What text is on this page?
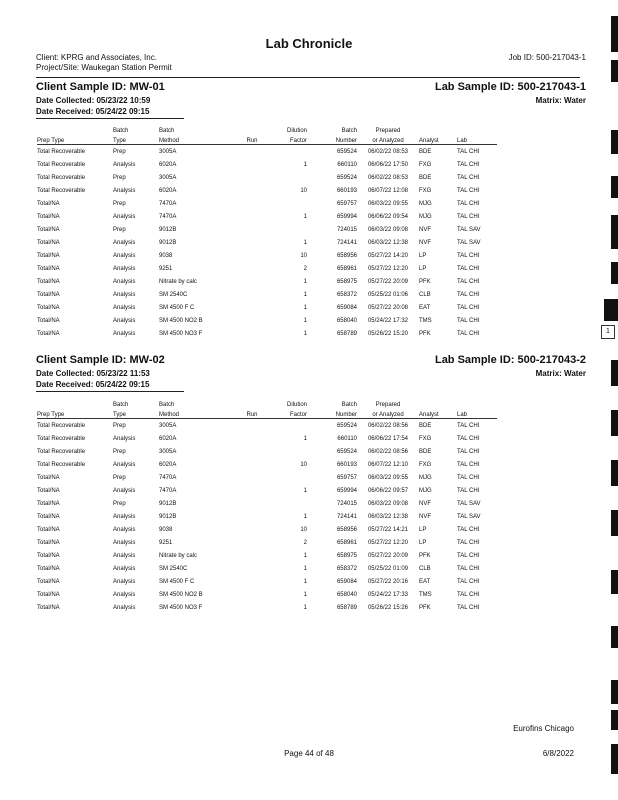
Lab Chronicle
Client: KPRG and Associates, Inc.
Project/Site: Waukegan Station Permit
Job ID: 500-217043-1
Client Sample ID: MW-01	Lab Sample ID: 500-217043-1
Date Collected: 05/23/22 10:59	Matrix: Water
Date Received: 05/24/22 09:15
	Batch	Batch		Dilution	Batch	Prepared		
Prep Type	Type	Method	Run	Factor	Number	or Analyzed	Analyst	Lab
Total Recoverable	Prep	3005A			659524	06/02/22 08:53	BDE	TAL CHI
Total Recoverable	Analysis	6020A		1	660110	06/06/22 17:50	FXG	TAL CHI
Total Recoverable	Prep	3005A			659524	06/02/22 08:53	BDE	TAL CHI
Total Recoverable	Analysis	6020A		10	660193	06/07/22 12:08	FXG	TAL CHI
Total/NA	Prep	7470A			659757	06/03/22 09:55	MJG	TAL CHI
Total/NA	Analysis	7470A		1	659994	06/06/22 09:54	MJG	TAL CHI
Total/NA	Prep	9012B			724015	06/03/22 09:08	NVF	TAL SAV
Total/NA	Analysis	9012B		1	724141	06/03/22 12:38	NVF	TAL SAV
Total/NA	Analysis	9038		10	658956	05/27/22 14:20	LP	TAL CHI
Total/NA	Analysis	9251		2	658961	05/27/22 12:20	LP	TAL CHI
Total/NA	Analysis	Nitrate by calc		1	658975	05/27/22 20:09	PFK	TAL CHI
Total/NA	Analysis	SM 2540C		1	658372	05/25/22 01:06	CLB	TAL CHI
Total/NA	Analysis	SM 4500 F C		1	659084	05/27/22 20:08	EAT	TAL CHI
Total/NA	Analysis	SM 4500 NO2 B		1	658040	05/24/22 17:32	TMS	TAL CHI
Total/NA	Analysis	SM 4500 NO3 F		1	658789	05/26/22 15:20	PFK	TAL CHI
Client Sample ID: MW-02	Lab Sample ID: 500-217043-2
Date Collected: 05/23/22 11:53	Matrix: Water
Date Received: 05/24/22 09:15
	Batch	Batch		Dilution	Batch	Prepared		
Prep Type	Type	Method	Run	Factor	Number	or Analyzed	Analyst	Lab
Total Recoverable	Prep	3005A			659524	06/02/22 08:56	BDE	TAL CHI
Total Recoverable	Analysis	6020A		1	660110	06/06/22 17:54	FXG	TAL CHI
Total Recoverable	Prep	3005A			659524	06/02/22 08:56	BDE	TAL CHI
Total Recoverable	Analysis	6020A		10	660193	06/07/22 12:10	FXG	TAL CHI
Total/NA	Prep	7470A			659757	06/03/22 09:55	MJG	TAL CHI
Total/NA	Analysis	7470A		1	659994	06/06/22 09:57	MJG	TAL CHI
Total/NA	Prep	9012B			724015	06/03/22 09:08	NVF	TAL SAV
Total/NA	Analysis	9012B		1	724141	06/03/22 12:38	NVF	TAL SAV
Total/NA	Analysis	9038		10	658956	05/27/22 14:21	LP	TAL CHI
Total/NA	Analysis	9251		2	658961	05/27/22 12:20	LP	TAL CHI
Total/NA	Analysis	Nitrate by calc		1	658975	05/27/22 20:09	PFK	TAL CHI
Total/NA	Analysis	SM 2540C		1	658372	05/25/22 01:09	CLB	TAL CHI
Total/NA	Analysis	SM 4500 F C		1	659084	05/27/22 20:16	EAT	TAL CHI
Total/NA	Analysis	SM 4500 NO2 B		1	658040	05/24/22 17:33	TMS	TAL CHI
Total/NA	Analysis	SM 4500 NO3 F		1	658789	05/26/22 15:26	PFK	TAL CHI
Eurofins Chicago
Page 44 of 48	6/8/2022
1
